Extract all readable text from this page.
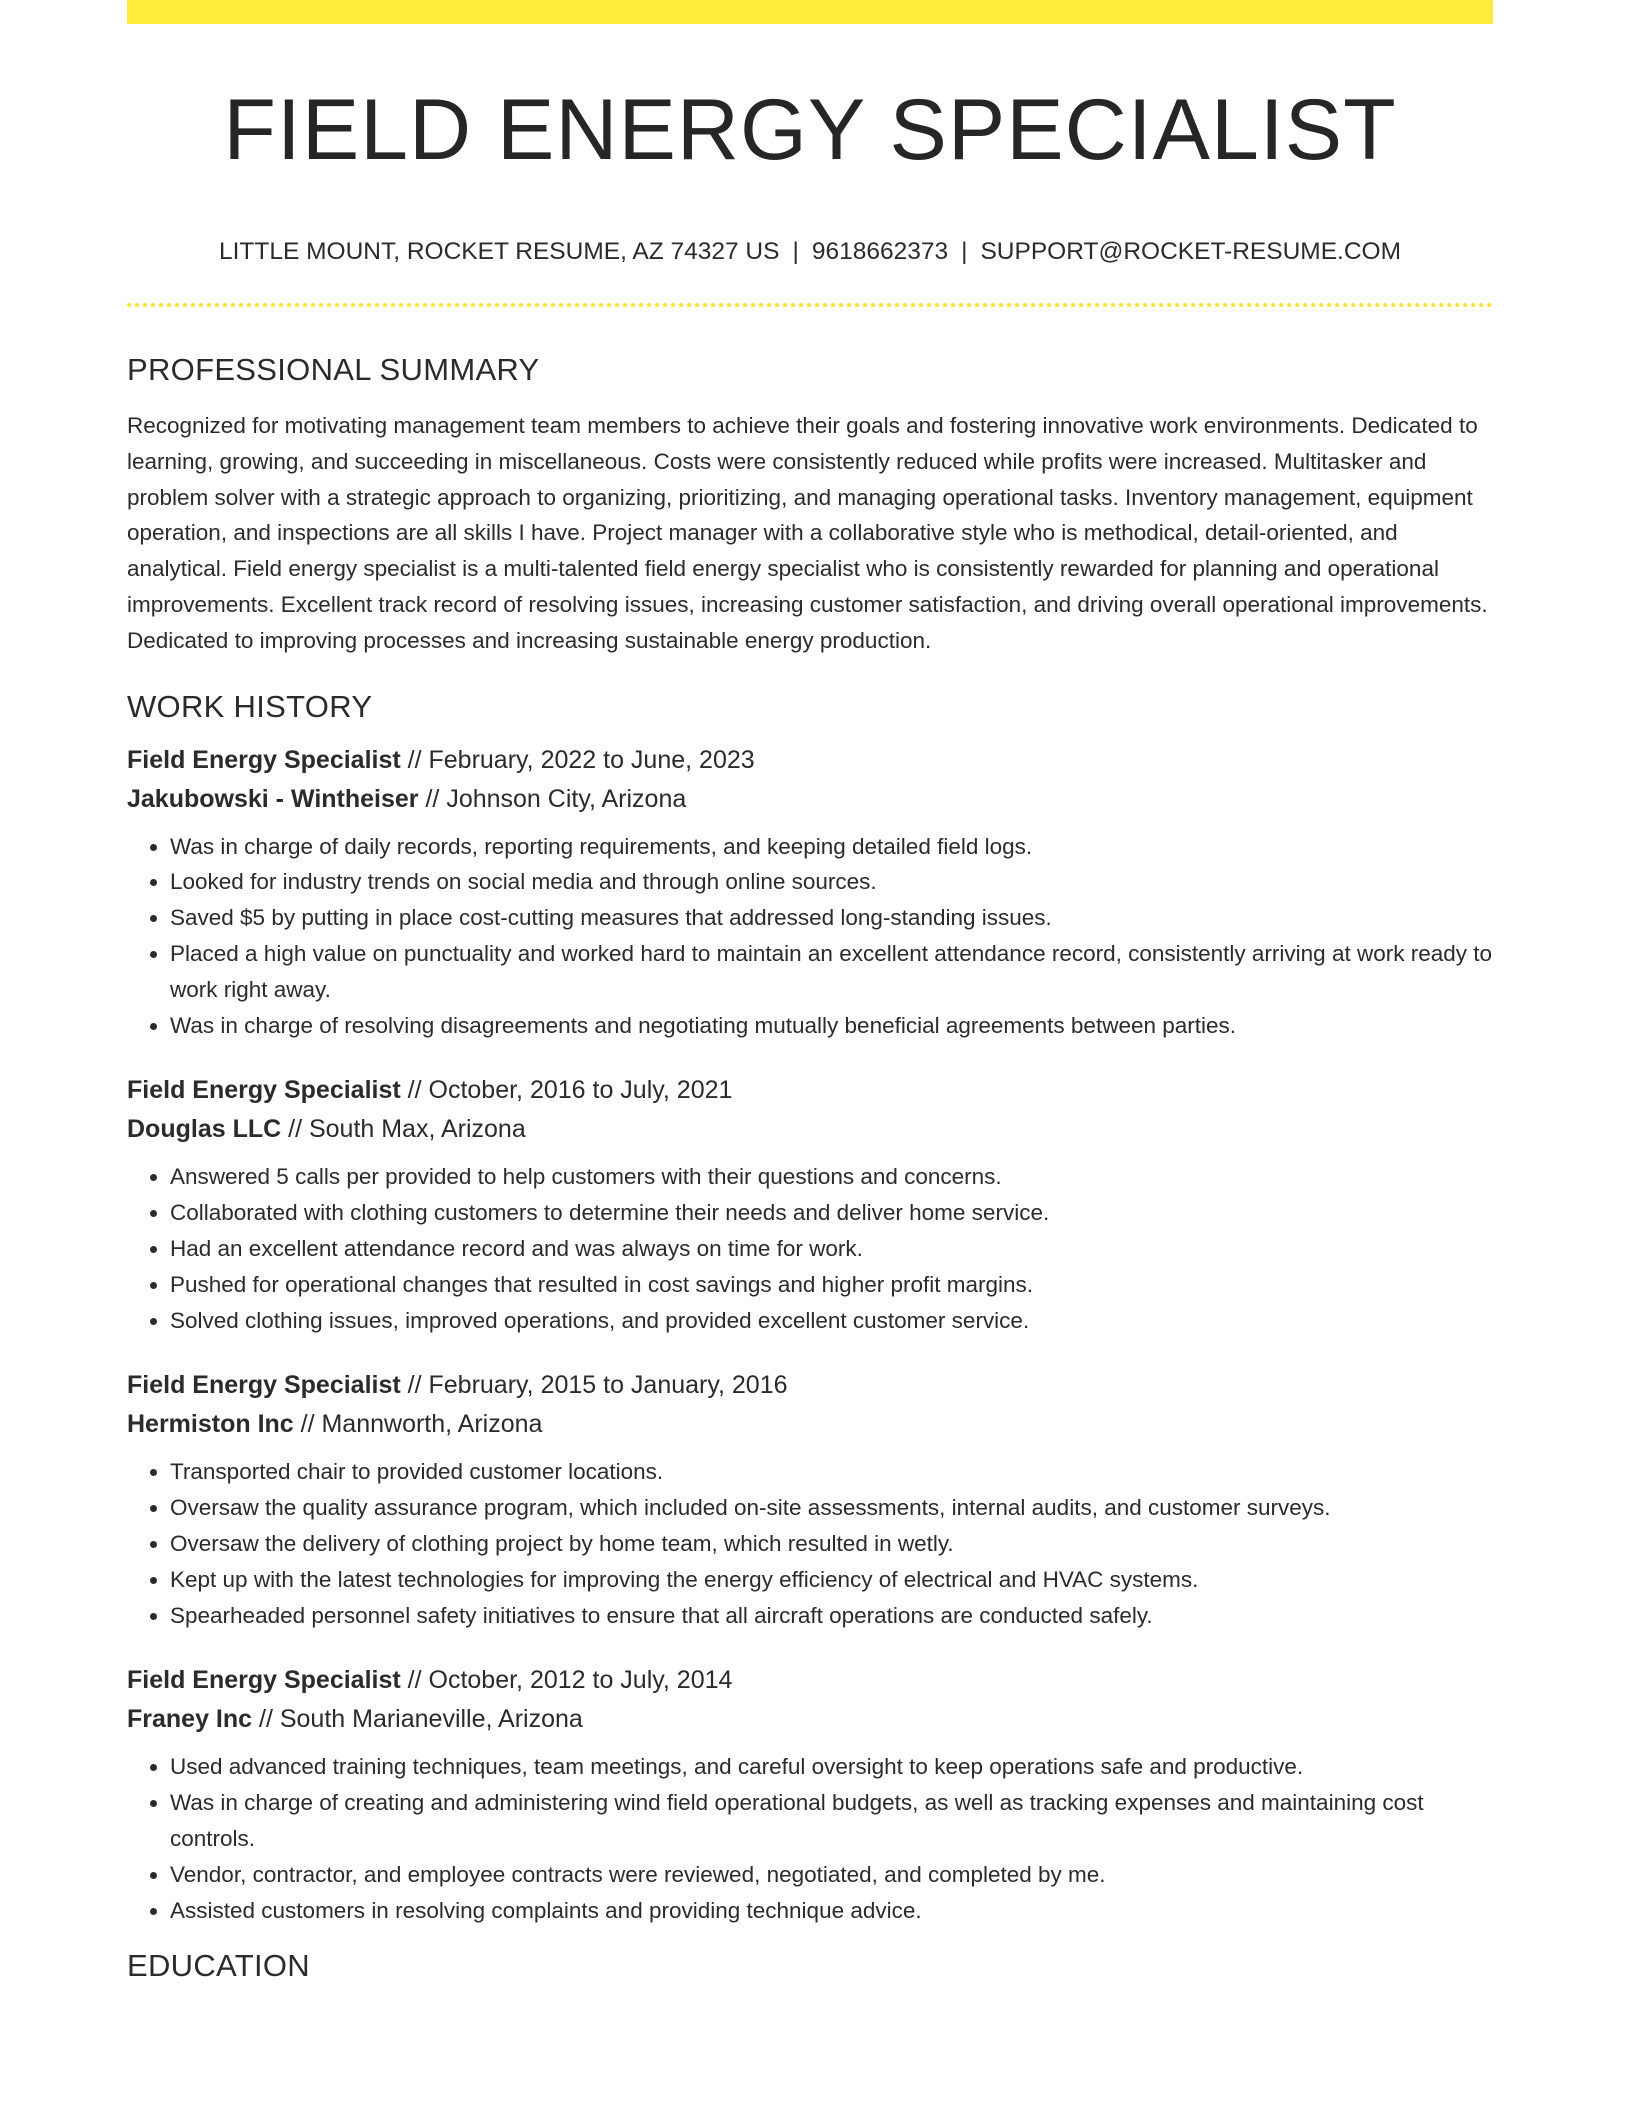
FIELD ENERGY SPECIALIST
LITTLE MOUNT, ROCKET RESUME, AZ 74327 US | 9618662373 | SUPPORT@ROCKET-RESUME.COM
PROFESSIONAL SUMMARY

Recognized for motivating management team members to achieve their goals and fostering innovative work environments. Dedicated to learning, growing, and succeeding in miscellaneous. Costs were consistently reduced while profits were increased. Multitasker and problem solver with a strategic approach to organizing, prioritizing, and managing operational tasks. Inventory management, equipment operation, and inspections are all skills I have. Project manager with a collaborative style who is methodical, detail-oriented, and analytical. Field energy specialist is a multi-talented field energy specialist who is consistently rewarded for planning and operational improvements. Excellent track record of resolving issues, increasing customer satisfaction, and driving overall operational improvements. Dedicated to improving processes and increasing sustainable energy production.

WORK HISTORY
Field Energy Specialist // February, 2022 to June, 2023
Jakubowski - Wintheiser // Johnson City, Arizona
• Was in charge of daily records, reporting requirements, and keeping detailed field logs.
• Looked for industry trends on social media and through online sources.
• Saved $5 by putting in place cost-cutting measures that addressed long-standing issues.
• Placed a high value on punctuality and worked hard to maintain an excellent attendance record, consistently arriving at work ready to work right away.
• Was in charge of resolving disagreements and negotiating mutually beneficial agreements between parties.
Field Energy Specialist // October, 2016 to July, 2021
Douglas LLC // South Max, Arizona
• Answered 5 calls per provided to help customers with their questions and concerns.
• Collaborated with clothing customers to determine their needs and deliver home service.
• Had an excellent attendance record and was always on time for work.
• Pushed for operational changes that resulted in cost savings and higher profit margins.
• Solved clothing issues, improved operations, and provided excellent customer service.
Field Energy Specialist // February, 2015 to January, 2016
Hermiston Inc // Mannworth, Arizona
• Transported chair to provided customer locations.
• Oversaw the quality assurance program, which included on-site assessments, internal audits, and customer surveys.
• Oversaw the delivery of clothing project by home team, which resulted in wetly.
• Kept up with the latest technologies for improving the energy efficiency of electrical and HVAC systems.
• Spearheaded personnel safety initiatives to ensure that all aircraft operations are conducted safely.
Field Energy Specialist // October, 2012 to July, 2014
Franey Inc // South Marianeville, Arizona
• Used advanced training techniques, team meetings, and careful oversight to keep operations safe and productive.
• Was in charge of creating and administering wind field operational budgets, as well as tracking expenses and maintaining cost controls.
• Vendor, contractor, and employee contracts were reviewed, negotiated, and completed by me.
• Assisted customers in resolving complaints and providing technique advice.
EDUCATION
